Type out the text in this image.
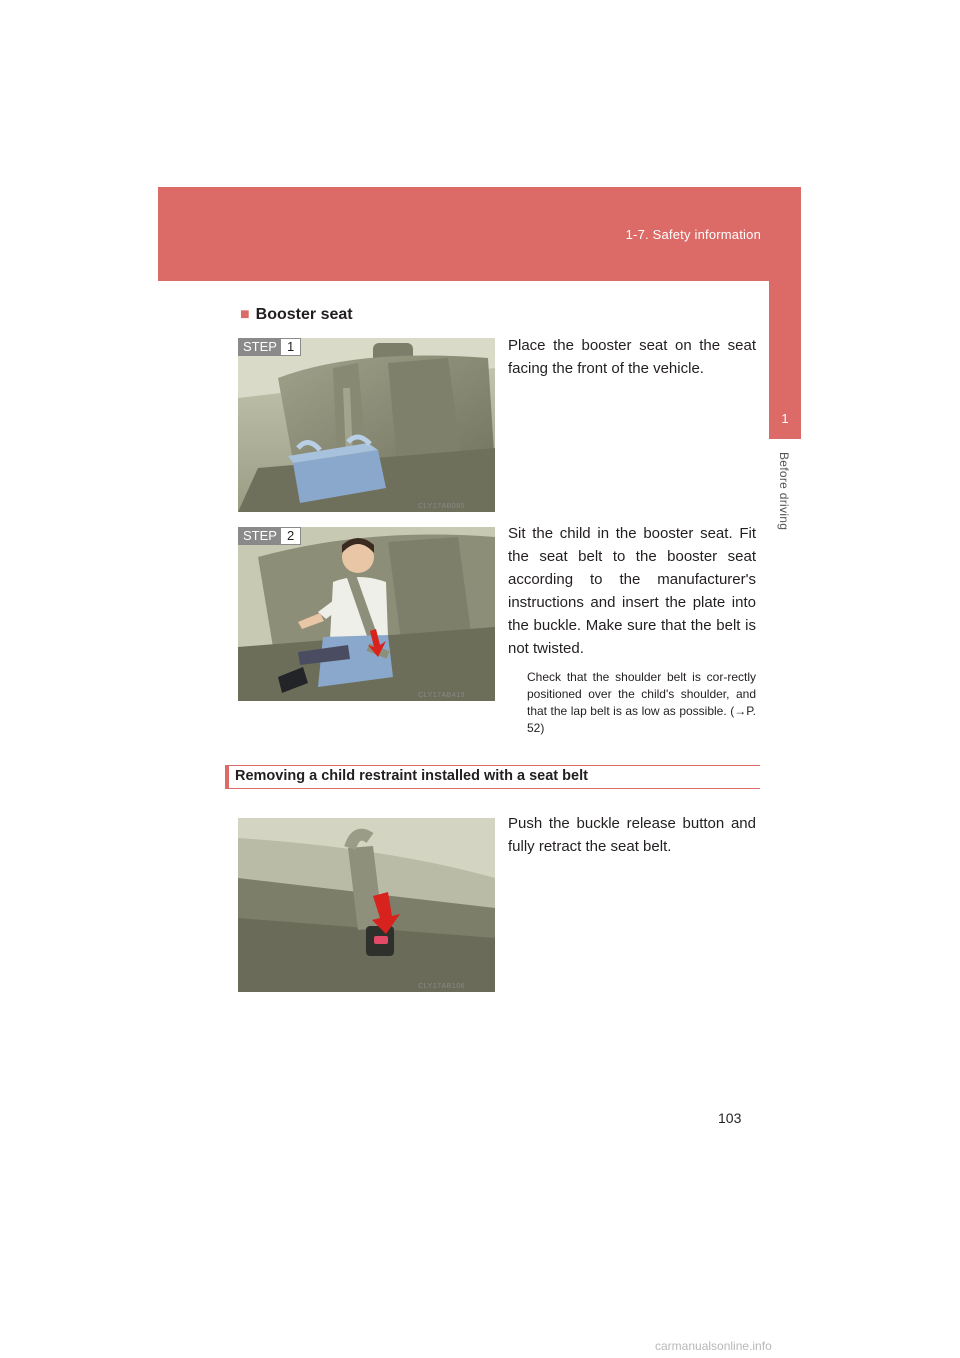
1-7. Safety information
1
Before driving
■ Booster seat
STEP 1
CLY17AB085
Place the booster seat on the seat facing the front of the vehicle.
STEP 2
CLY17AB419
Sit the child in the booster seat. Fit the seat belt to the booster seat according to the manufacturer's instructions and insert the plate into the buckle. Make sure that the belt is not twisted.
Check that the shoulder belt is cor-rectly positioned over the child's shoulder, and that the lap belt is as low as possible. (→P. 52)
Removing a child restraint installed with a seat belt
CLY17AB106
Push the buckle release button and fully retract the seat belt.
103
carmanualsonline.info
